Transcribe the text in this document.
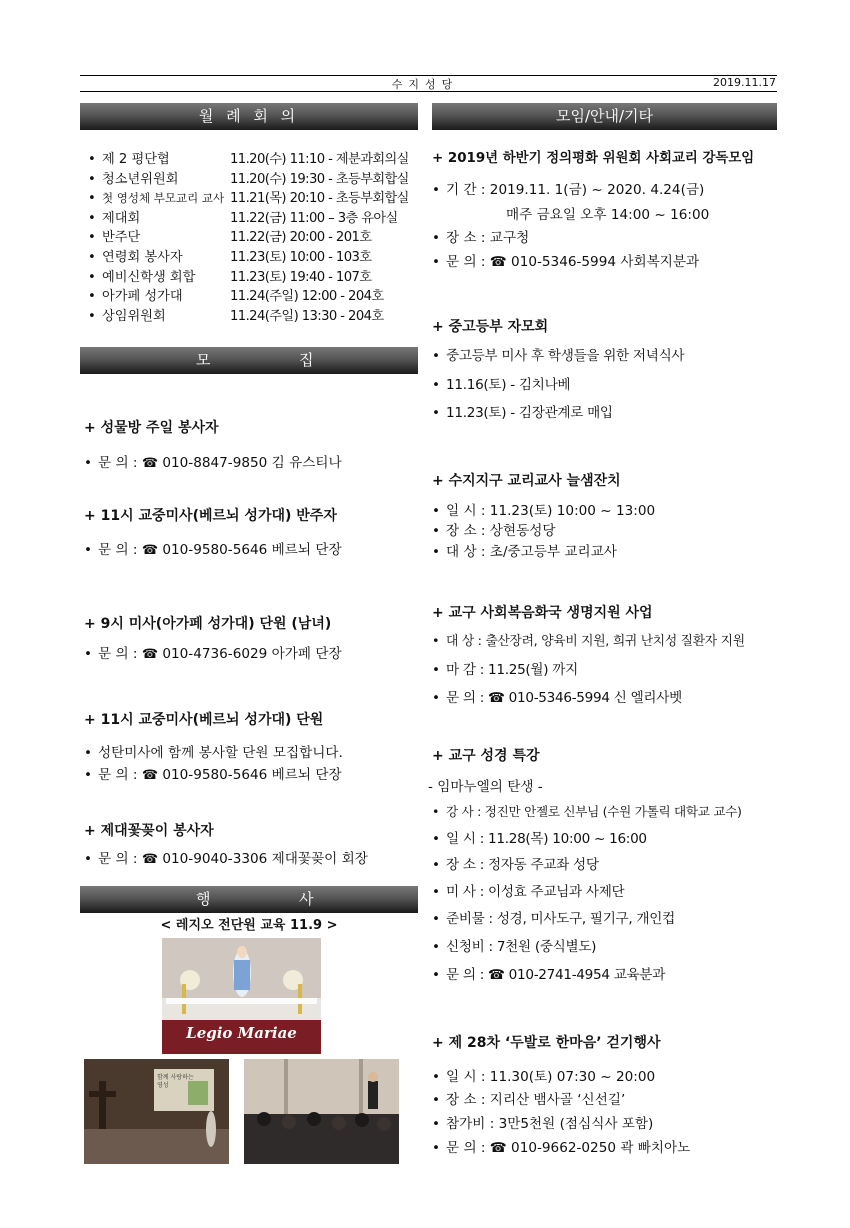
수지성당	2019.11.17
월 례 회 의
• 제 2 평단협	11.20(수) 11:10 - 제분과회의실
• 청소년위원회	11.20(수) 19:30 - 초등부회합실
• 첫 영성체 부모교리 교사 11.21(목) 20:10 - 초등부회합실
• 제대회	11.22(금) 11:00 – 3층 유아실
• 반주단	11.22(금) 20:00 - 201호
• 연령회 봉사자	11.23(토) 10:00 - 103호
• 예비신학생 회합	11.23(토) 19:40 - 107호
• 아가페 성가대	11.24(주일) 12:00 - 204호
• 상임위원회	11.24(주일) 13:30 - 204호
모	집
+ 성물방 주일 봉사자
• 문 의 : ☎ 010-8847-9850 김 유스티나
+ 11시 교중미사(베르뇌 성가대) 반주자
• 문 의 : ☎ 010-9580-5646 베르뇌 단장
+ 9시 미사(아가페 성가대) 단원 (남녀)
• 문 의 : ☎ 010-4736-6029 아가페 단장
+ 11시 교중미사(베르뇌 성가대) 단원
• 성탄미사에 함께 봉사할 단원 모집합니다.
• 문 의 : ☎ 010-9580-5646 베르뇌 단장
+ 제대꽃꽂이 봉사자
• 문 의 : ☎ 010-9040-3306 제대꽃꽂이 회장
행	사
< 레지오 전단원 교육 11.9 >
Legio Mariae
함께 사랑하는 영성
모임/안내/기타
+ 2019년 하반기 정의평화 위원회 사회교리 강독모임
• 기 간 : 2019.11. 1(금) ~ 2020. 4.24(금)
매주 금요일 오후 14:00 ~ 16:00
• 장 소 : 교구청
• 문 의 : ☎ 010-5346-5994 사회복지분과
+ 중고등부 자모회
• 중고등부 미사 후 학생들을 위한 저녁식사
• 11.16(토) - 김치나베
• 11.23(토) - 김장관계로 매입
+ 수지지구 교리교사 늘샘잔치
• 일 시 : 11.23(토) 10:00 ~ 13:00
• 장 소 : 상현동성당
• 대 상 : 초/중고등부 교리교사
+ 교구 사회복음화국 생명지원 사업
• 대 상 : 출산장려, 양육비 지원, 희귀 난치성 질환자 지원
• 마 감 : 11.25(월) 까지
• 문 의 : ☎ 010-5346-5994 신 엘리사벳
+ 교구 성경 특강
- 임마누엘의 탄생 -
• 강 사 : 정진만 안젤로 신부님 (수원 가톨릭 대학교 교수)
• 일 시 : 11.28(목) 10:00 ~ 16:00
• 장 소 : 정자동 주교좌 성당
• 미 사 : 이성효 주교님과 사제단
• 준비물 : 성경, 미사도구, 필기구, 개인컵
• 신청비 : 7천원 (중식별도)
• 문 의 : ☎ 010-2741-4954 교육분과
+ 제 28차 ‘두발로 한마음’ 걷기행사
• 일 시 : 11.30(토) 07:30 ~ 20:00
• 장 소 : 지리산 뱀사골 ‘신선길’
• 참가비 : 3만5천원 (점심식사 포함)
• 문 의 : ☎ 010-9662-0250 곽 빠치아노
